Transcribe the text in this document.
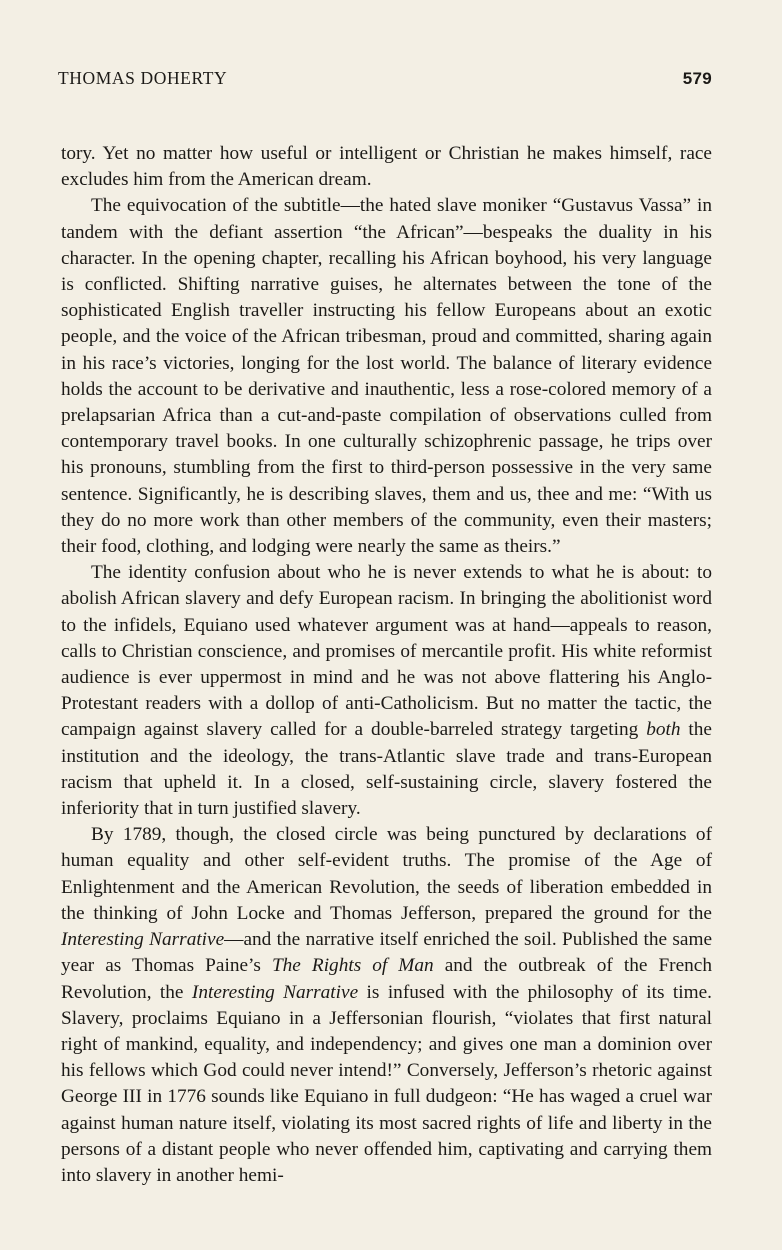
THOMAS DOHERTY	579

tory. Yet no matter how useful or intelligent or Christian he makes himself, race excludes him from the American dream.

The equivocation of the subtitle—the hated slave moniker “Gustavus Vassa” in tandem with the defiant assertion “the African”—bespeaks the duality in his character. In the opening chapter, recalling his African boyhood, his very language is conflicted. Shifting narrative guises, he alternates between the tone of the sophisticated English traveller instructing his fellow Europeans about an exotic people, and the voice of the African tribesman, proud and committed, sharing again in his race’s victories, longing for the lost world. The balance of literary evidence holds the account to be derivative and inauthentic, less a rose-colored memory of a prelapsarian Africa than a cut-and-paste compilation of observations culled from contemporary travel books. In one culturally schizophrenic passage, he trips over his pronouns, stumbling from the first to third-person possessive in the very same sentence. Significantly, he is describing slaves, them and us, thee and me: “With us they do no more work than other members of the community, even their masters; their food, clothing, and lodging were nearly the same as theirs.”

The identity confusion about who he is never extends to what he is about: to abolish African slavery and defy European racism. In bringing the abolitionist word to the infidels, Equiano used whatever argument was at hand—appeals to reason, calls to Christian conscience, and promises of mercantile profit. His white reformist audience is ever uppermost in mind and he was not above flattering his Anglo-Protestant readers with a dollop of anti-Catholicism. But no matter the tactic, the campaign against slavery called for a double-barreled strategy targeting both the institution and the ideology, the trans-Atlantic slave trade and trans-European racism that upheld it. In a closed, self-sustaining circle, slavery fostered the inferiority that in turn justified slavery.

By 1789, though, the closed circle was being punctured by declarations of human equality and other self-evident truths. The promise of the Age of Enlightenment and the American Revolution, the seeds of liberation embedded in the thinking of John Locke and Thomas Jefferson, prepared the ground for the Interesting Narrative—and the narrative itself enriched the soil. Published the same year as Thomas Paine’s The Rights of Man and the outbreak of the French Revolution, the Interesting Narrative is infused with the philosophy of its time. Slavery, proclaims Equiano in a Jeffersonian flourish, “violates that first natural right of mankind, equality, and independency; and gives one man a dominion over his fellows which God could never intend!” Conversely, Jefferson’s rhetoric against George III in 1776 sounds like Equiano in full dudgeon: “He has waged a cruel war against human nature itself, violating its most sacred rights of life and liberty in the persons of a distant people who never offended him, captivating and carrying them into slavery in another hemi-
